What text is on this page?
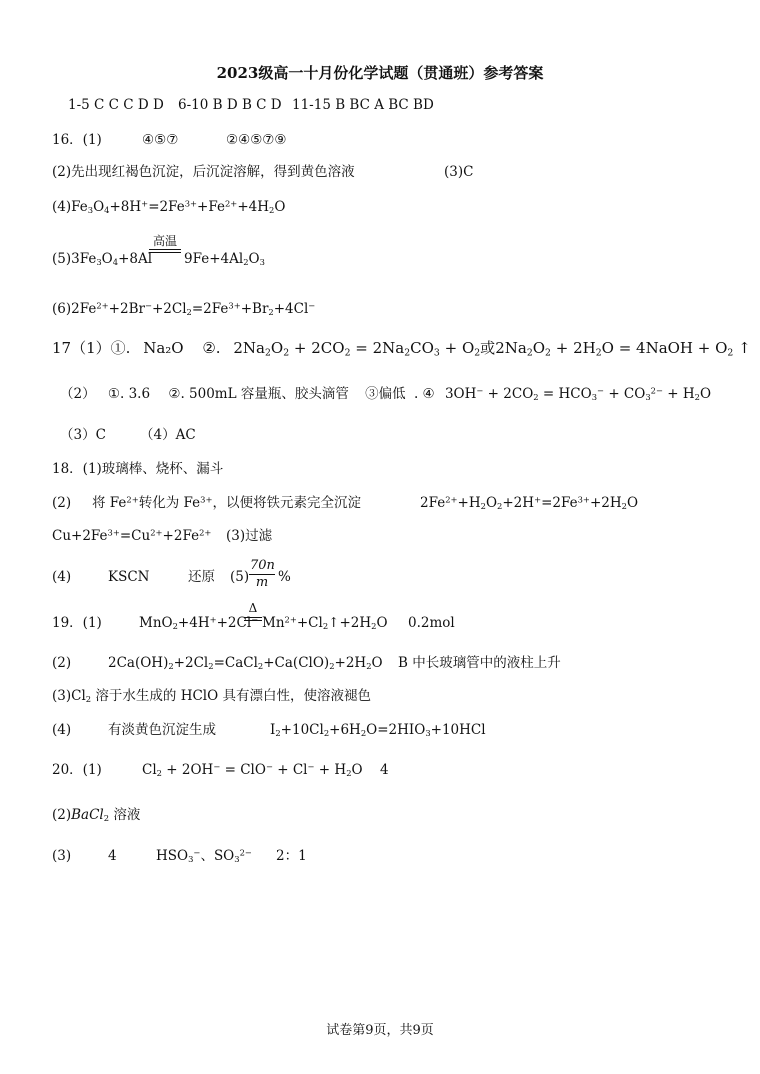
2023级高一十月份化学试题（贯通班）参考答案
1-5 C C C D D 6-10 B D B C D 11-15 B BC A BC BD
16．(1)	④⑤⑦	②④⑤⑦⑨
(2)先出现红褐色沉淀，后沉淀溶解，得到黄色溶液	(3)C
$(4)Fe_3O_4+8H^+=2Fe^{3+}+Fe^{2+}+4H_2O$
高温
$(5)3Fe_3O_4+8Al$ $9Fe+4Al_2O_3$
$(6)2Fe^{2+}+2Br^-+2Cl_2=2Fe^{3+}+Br_2+4Cl^-$
17（1）①. Na₂O ②. $2Na_2O_2 + 2CO_2 = 2Na_2CO_3 + O_2$或$2Na_2O_2 + 2H_2O$ = 4NaOH + $O_2$ ↑
（2） ①. 3.6 ②. 500mL 容量瓶、胶头滴管 ③偏低 . ④ $3OH^- + 2CO_2 = HCO_3^- + CO_3^{2-} + H_2O$
（3）C	（4）AC
18．(1)玻璃棒、烧杯、漏斗
(2) 将 $Fe^{2+}$转化为 $Fe^{3+}$，以便将铁元素完全沉淀	$2Fe^{2+}+H_2O_2+2H^+=2Fe^{3+}+2H_2O$
$Cu+2Fe^{3+}=Cu^{2+}+2Fe^{2+}$ (3)过滤
(4)	KSCN	还原 $(5) \frac{70n}{m}$ %
19．(1)	MnO$_2$+4H++2Cl−
Δ
$Mn^{2+}+Cl_2↑+2H_2O$ 0.2mol
(2)	$2Ca(OH)_2+2Cl_2=CaCl_2+Ca(ClO)_2+2H_2O$ B 中长玻璃管中的液柱上升
$(3)Cl_2$ 溶于水生成的 HClO 具有漂白性，使溶液褪色
(4)	有淡黄色沉淀生成	$I_2+10Cl_2+6H_2O=2HIO_3+10HCl$
20．(1)	$Cl_2 + 2OH^- = ClO^- + Cl^- + H_2O$ 4
(2)BaCl$_2$ 溶液
(3)	4	$HSO_3^-$、$SO_3^{2-}$ 2：1
试卷第9页，共9页
